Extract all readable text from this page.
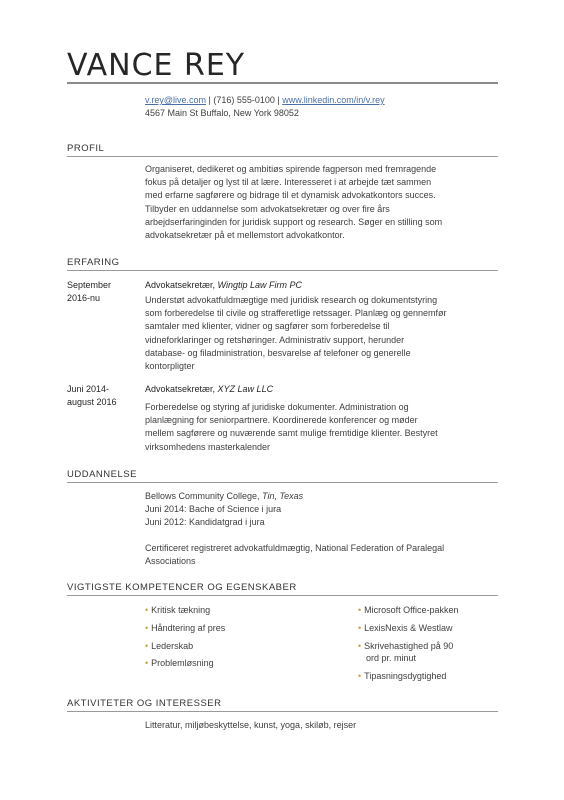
VANCE REY
v.rey@live.com | (716) 555-0100 | www.linkedin.com/in/v.rey
4567 Main St Buffalo, New York 98052
PROFIL
Organiseret, dedikeret og ambitiøs spirende fagperson med fremragende
fokus på detaljer og lyst til at lære. Interesseret i at arbejde tæt sammen
med erfarne sagførere og bidrage til et dynamisk advokatkontors succes.
Tilbyder en uddannelse som advokatsekretær og over fire års
arbejdserfaringinden for juridisk support og research. Søger en stilling som
advokatsekretær på et mellemstort advokatkontor.
ERFARING
September
2016-nu
Advokatsekretær, Wingtip Law Firm PC
Understøt advokatfuldmægtige med juridisk research og dokumentstyring
som forberedelse til civile og strafferetlige retssager. Planlæg og gennemfør
samtaler med klienter, vidner og sagfører som forberedelse til
vidneforklaringer og retshøringer. Administrativ support, herunder
database- og filadministration, besvarelse af telefoner og generelle
kontorpligter
Juni 2014-
august 2016
Advokatsekretær, XYZ Law LLC
Forberedelse og styring af juridiske dokumenter. Administration og
planlægning for seniorpartnere. Koordinerede konferencer og møder
mellem sagførere og nuværende samt mulige fremtidige klienter. Bestyret
virksomhedens masterkalender
UDDANNELSE
Bellows Community College, Tin, Texas
Juni 2014: Bache of Science i jura
Juni 2012: Kandidatgrad i jura
Certificeret registreret advokatfuldmægtig, National Federation of Paralegal
Associations
VIGTIGSTE KOMPETENCER OG EGENSKABER
• Kritisk tækning
• Håndtering af pres
• Lederskab
• Problemløsning
• Microsoft Office-pakken
• LexisNexis & Westlaw
• Skrivehastighed på 90
ord pr. minut
• Tipasningsdygtighed
AKTIVITETER OG INTERESSER
Litteratur, miljøbeskyttelse, kunst, yoga, skiløb, rejser
